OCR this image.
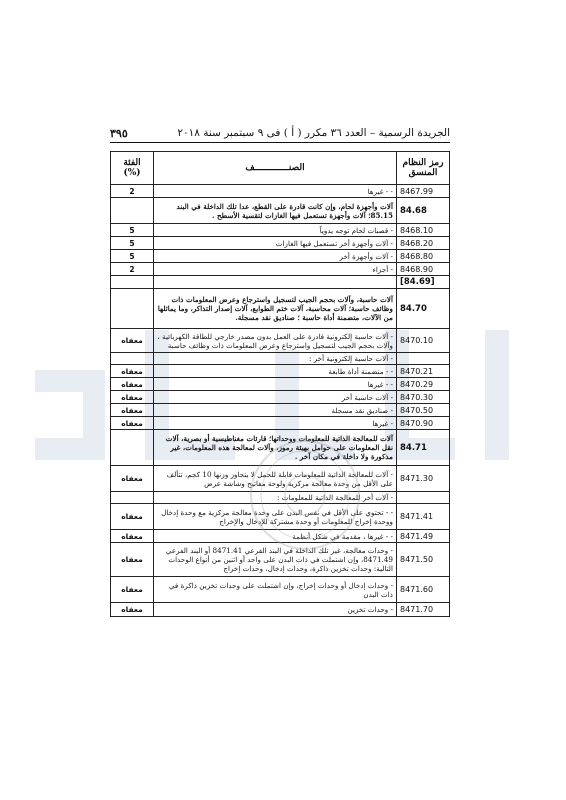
الجريدة الرسمية – العدد ٣٦ مكرر ( أ ) فى ٩ سبتمبر سنة ٢٠١٨
٣٩٥
رمز النظام المنسق	الصنـــــــــــــف	الفئة (%)
8467.99	- - غيرها	2
84.68	آلات وأجهزة لحام، وإن كانت قادرة على القطع، عدا تلك الداخلة في البند 85.15؛ آلات وأجهزة تستعمل فيها الغازات لتقسية الأسطح .	
8468.10	- قصبات لحام توجه يدوياً	5
8468.20	- آلات وأجهزة أخر تستعمل فيها الغازات	5
8468.80	- آلات وأجهزة أخر	5
8468.90	- أجزاء	2
[84.69]		
84.70	آلات حاسبة، وآلات بحجم الجيب لتسجيل واسترجاع وعرض المعلومات ذات وظائف حاسبة؛ آلات محاسبة، آلات ختم الطوابع، آلات إصدار التذاكر، وما يماثلها من الآلات، متضمنة أداة حاسبة ؛ صناديق نقد مسجلة.	
8470.10	- آلات حاسبة إلكترونية قادرة على العمل بدون مصدر خارجي للطاقة الكهربائية ، وآلات بحجم الجيب لتسجيل واسترجاع وعرض المعلومات ذات وظائف حاسبة	معفاه
	- آلات حاسبة إلكترونية أخر :	
8470.21	- - متضمنة أداة طابعة	معفاه
8470.29	- - غيرها	معفاه
8470.30	- آلات حاسبة أخر	معفاه
8470.50	- صناديق نقد مسجلة	معفاه
8470.90	- غيرها	معفاه
84.71	آلات للمعالجة الذاتية للمعلومات ووحداتها؛ قارئات مغناطيسية أو بصرية، آلات نقل المعلومات على حوامل بهيئة رموز، وآلات لمعالجة هذه المعلومات، غير مذكورة ولا داخلة في مكان آخر .	
8471.30	- آلات للمعالجة الذاتية للمعلومات قابلة للحمل لا يتجاوز وزنها 10 كجم، تتألف على الأقل من وحدة معالجة مركزية ولوحة مفاتيح وشاشة عرض	معفاه
	- آلات أخر للمعالجة الذاتية للمعلومات :	
8471.41	- - تحتوي على الأقل في نفس البدن على وحدة معالجة مركزية مع وحدة إدخال ووحدة إخراج للمعلومات أو وحدة مشتركة للإدخال والإخراج	معفاه
8471.49	- - غيرها ، مقدمة في شكل أنظمة	معفاه
8471.50	- وحدات معالجة، غير تلك الداخلة في البند الفرعي 8471.41 أو البند الفرعي 8471.49، وإن اشتملت في ذات البدن على واحد أو اثنين من أنواع الوحدات التالية: وحدات تخزين ذاكرة، وحدات إدخال، وحدات إخراج	معفاه
8471.60	- وحدات إدخال أو وحدات إخراج، وإن اشتملت على وحدات تخزين ذاكرة في ذات البدن	معفاه
8471.70	- وحدات تخزين	معفاه
